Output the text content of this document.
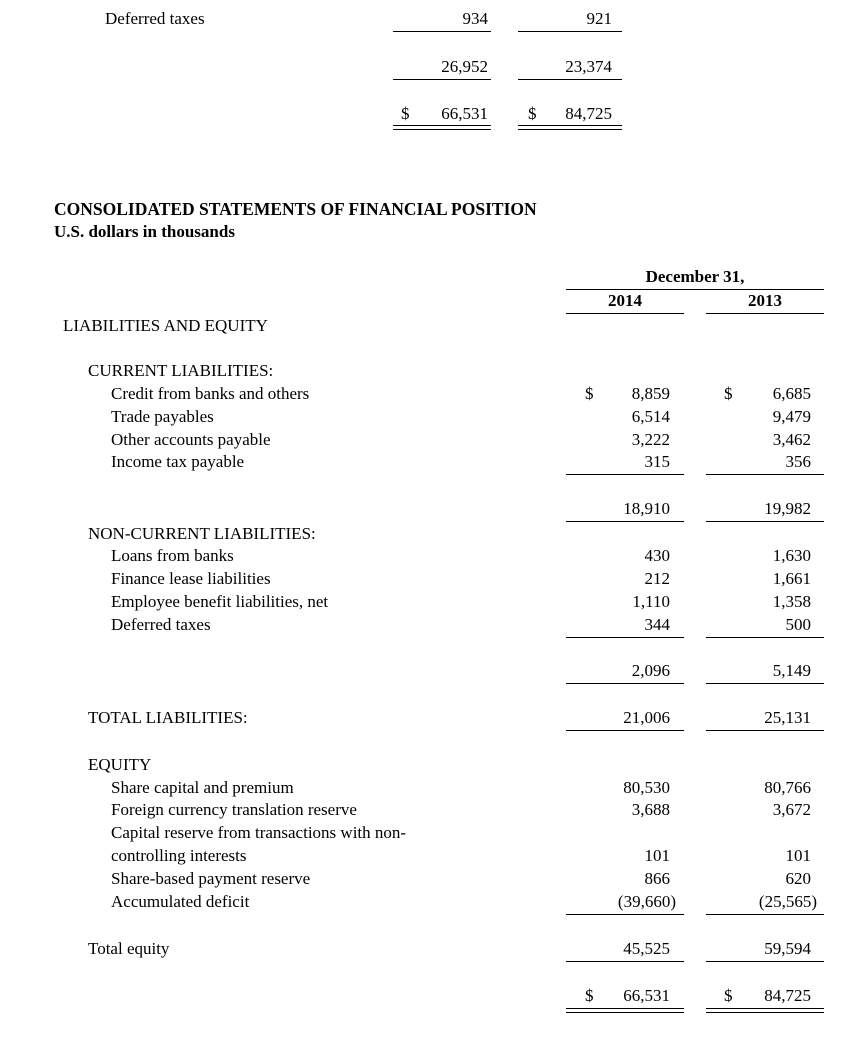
Deferred taxes	934	921
26,952	23,374
$	66,531 $	84,725
CONSOLIDATED STATEMENTS OF FINANCIAL POSITION
U.S. dollars in thousands
December 31,
2014	2013
LIABILITIES AND EQUITY
CURRENT LIABILITIES:
Credit from banks and others	$	8,859	$	6,685
Trade payables	6,514	9,479
Other accounts payable	3,222	3,462
Income tax payable	315	356
18,910	19,982
NON-CURRENT LIABILITIES:
Loans from banks	430	1,630
Finance lease liabilities	212	1,661
Employee benefit liabilities, net	1,110	1,358
Deferred taxes	344	500
2,096	5,149
TOTAL LIABILITIES:	21,006	25,131
EQUITY
Share capital and premium	80,530	80,766
Foreign currency translation reserve	3,688	3,672
Capital reserve from transactions with non-
controlling interests	101	101
Share-based payment reserve	866	620
Accumulated deficit	(39,660)	(25,565)
Total equity	45,525	59,594
$	66,531	$	84,725
